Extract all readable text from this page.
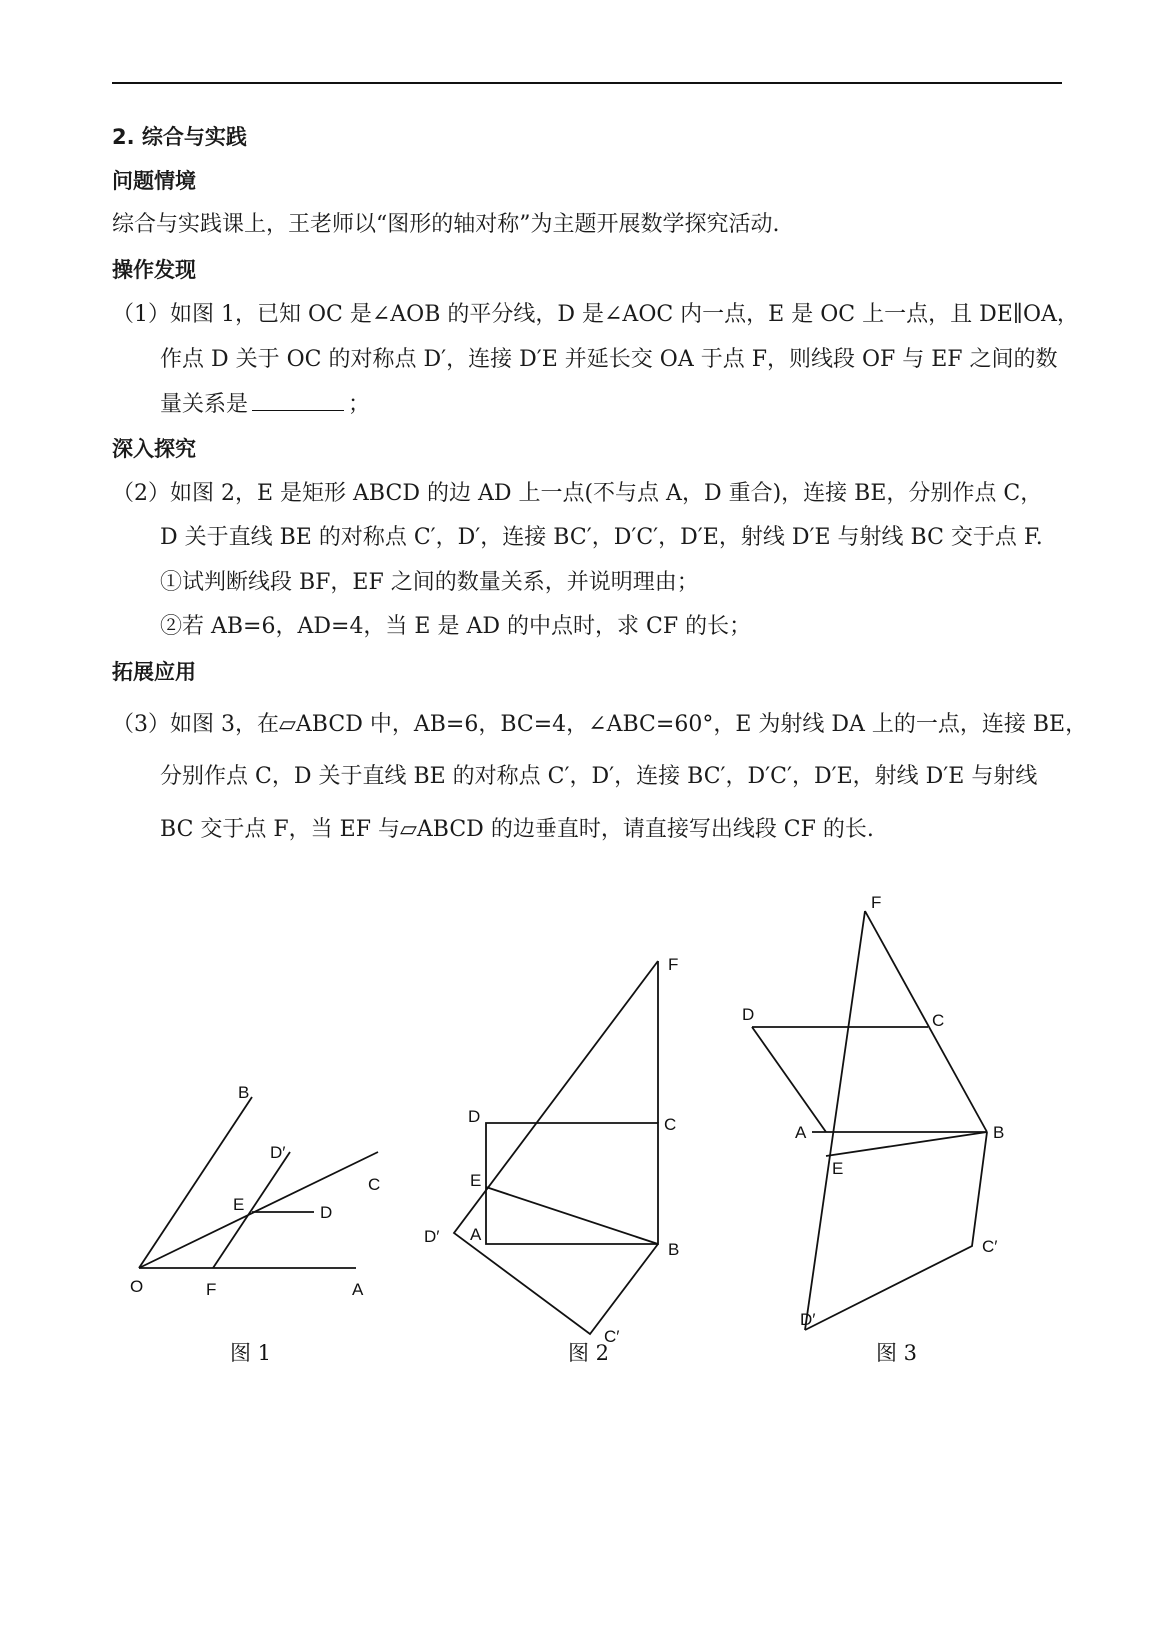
2. 综合与实践
问题情境
综合与实践课上，王老师以“图形的轴对称”为主题开展数学探究活动.
操作发现
（1）如图 1，已知 OC 是∠AOB 的平分线，D 是∠AOC 内一点，E 是 OC 上一点，且 DE∥OA，
作点 D 关于 OC 的对称点 D′，连接 D′E 并延长交 OA 于点 F，则线段 OF 与 EF 之间的数
量关系是	；
深入探究
（2）如图 2，E 是矩形 ABCD 的边 AD 上一点(不与点 A，D 重合)，连接 BE，分别作点 C，
D 关于直线 BE 的对称点 C′，D′，连接 BC′，D′C′，D′E，射线 D′E 与射线 BC 交于点 F.
①试判断线段 BF，EF 之间的数量关系，并说明理由；
②若 AB=6，AD=4，当 E 是 AD 的中点时，求 CF 的长；
拓展应用
（3）如图 3，在▱ABCD 中，AB=6，BC=4，∠ABC=60°，E 为射线 DA 上的一点，连接 BE，
分别作点 C，D 关于直线 BE 的对称点 C′，D′，连接 BC′，D′C′，D′E，射线 D′E 与射线
BC 交于点 F，当 EF 与▱ABCD 的边垂直时，请直接写出线段 CF 的长.
B
D′
C
E	D
O	F	A
图 1
F
D	C
E
D′ A
B
C′
图 2
F
D	C
A	B
E
C′
D′
图 3
